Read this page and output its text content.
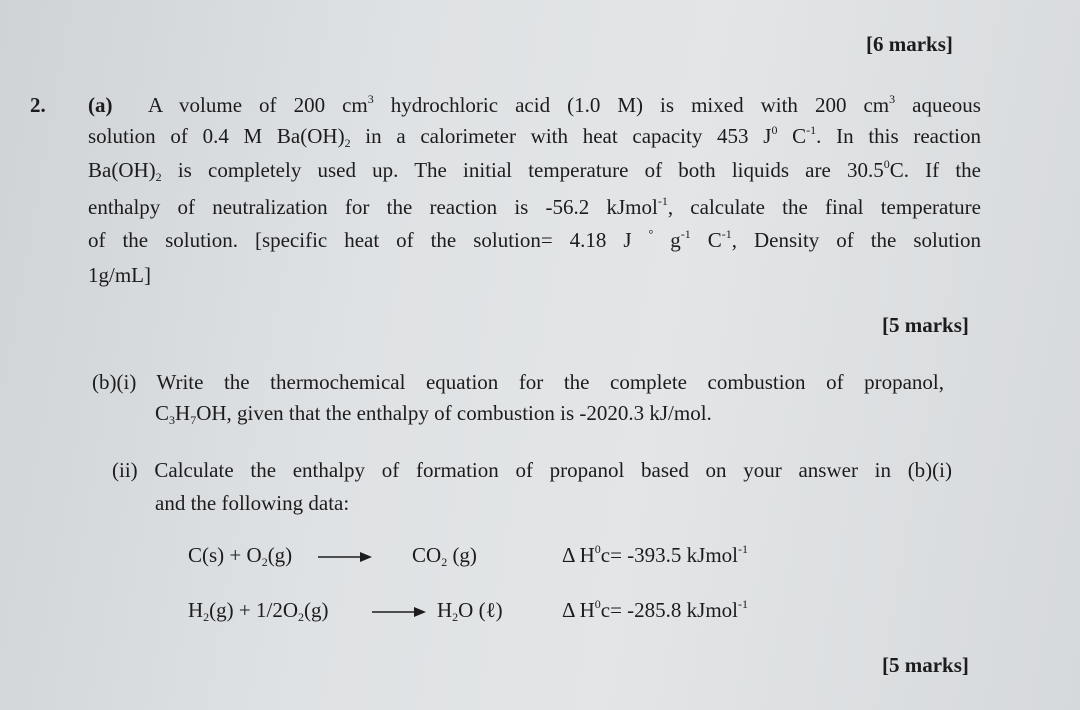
[6 marks]
2. (a) A volume of 200 $cm^3$ hydrochloric acid (1.0 M) is mixed with 200 $cm^3$ aqueous
solution of 0.4 M $Ba(OH)_2$ in a calorimeter with heat capacity 453 $J^0$ $C^{-1}$. In this reaction
$Ba(OH)_2$ is completely used up. The initial temperature of both liquids are 30.5$^0$C. If the
enthalpy of neutralization for the reaction is -56.2 kJmol$^{-1}$, calculate the final temperature
of the solution. [specific heat of the solution= 4.18 J ° $g^{-1}$ $C^{-1}$, Density of the solution
1g/mL]
[5 marks]
(b)(i) Write the thermochemical equation for the complete combustion of propanol,
$C_3H_7OH$, given that the enthalpy of combustion is -2020.3 kJ/mol.
(ii) Calculate the enthalpy of formation of propanol based on your answer in (b)(i)
and the following data:
$C(s) + O_2(g) \to CO_2$ (g)	Δ $H^0c= -393.5$ kJmol$^{-1}$
$H_2(g) + 1/2O_2(g) \to H_2O$ (ℓ)	Δ $H^0c= -285.8$ kJmol$^{-1}$
[5 marks]
